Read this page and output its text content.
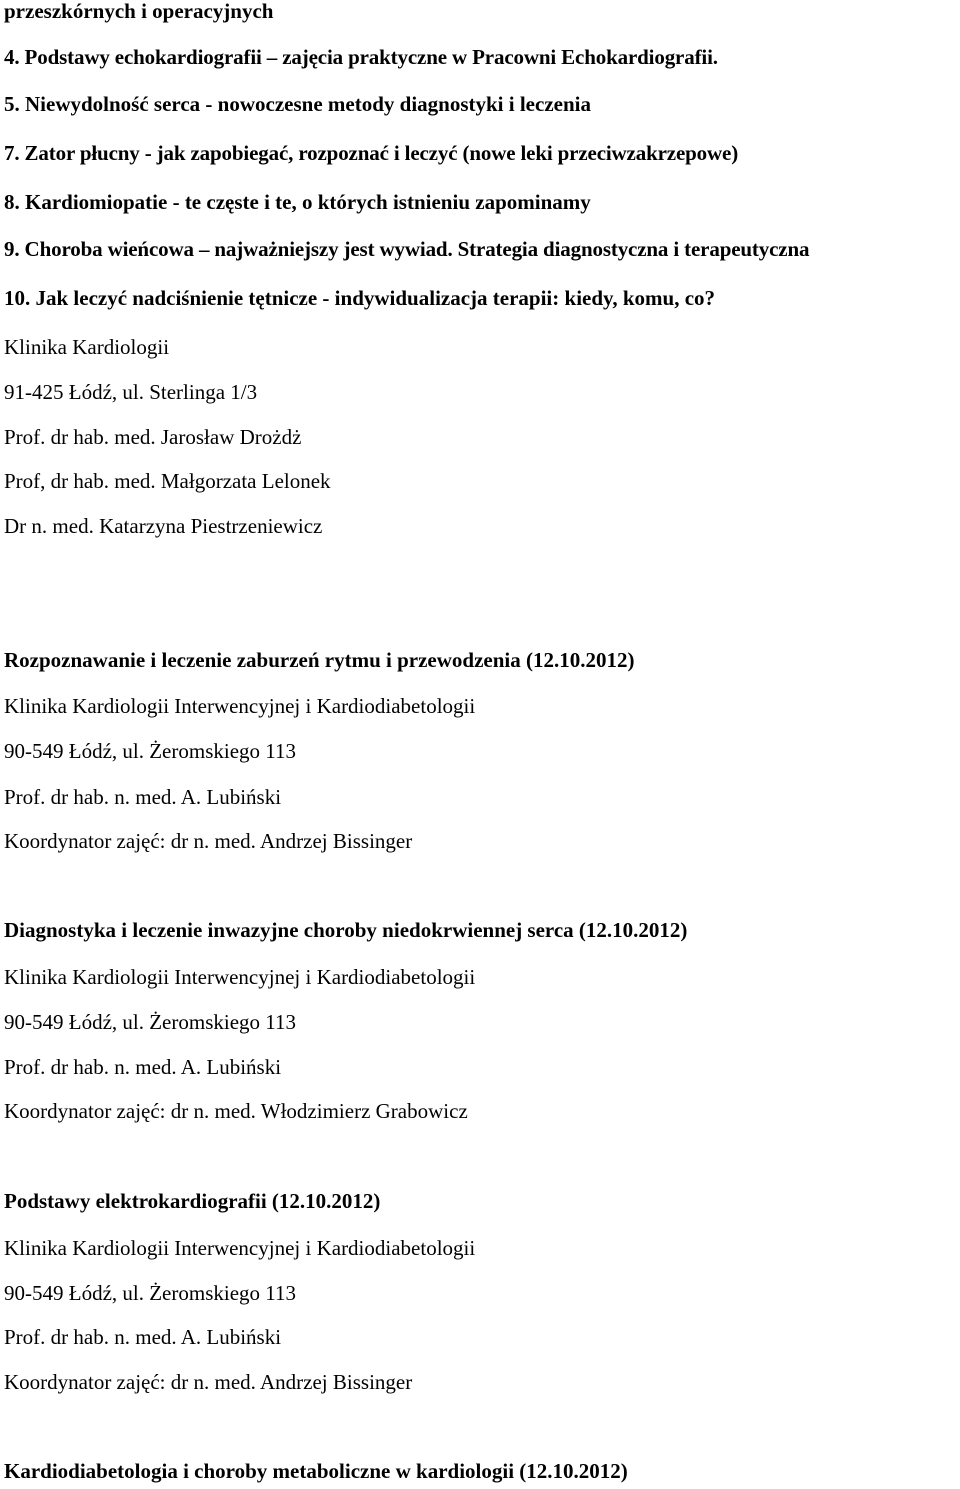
przeszkórnych i operacyjnych
4. Podstawy echokardiografii – zajęcia praktyczne w Pracowni Echokardiografii.
5. Niewydolność serca - nowoczesne metody diagnostyki i leczenia
7. Zator płucny - jak zapobiegać, rozpoznać i leczyć (nowe leki przeciwzakrzepowe)
8. Kardiomiopatie - te częste i te, o których istnieniu zapominamy
9. Choroba wieńcowa – najważniejszy jest wywiad. Strategia diagnostyczna i terapeutyczna
10. Jak leczyć nadciśnienie tętnicze - indywidualizacja terapii: kiedy, komu, co?
Klinika Kardiologii
91-425 Łódź, ul. Sterlinga 1/3
Prof. dr hab. med. Jarosław Drożdż
Prof, dr hab. med. Małgorzata Lelonek
Dr n. med. Katarzyna Piestrzeniewicz
Rozpoznawanie i leczenie zaburzeń rytmu i przewodzenia (12.10.2012)
Klinika Kardiologii Interwencyjnej i Kardiodiabetologii
90-549 Łódź, ul. Żeromskiego 113
Prof. dr hab. n. med. A. Lubiński
Koordynator zajęć: dr n. med. Andrzej Bissinger
Diagnostyka i leczenie inwazyjne choroby niedokrwiennej serca (12.10.2012)
Klinika Kardiologii Interwencyjnej i Kardiodiabetologii
90-549 Łódź, ul. Żeromskiego 113
Prof. dr hab. n. med. A. Lubiński
Koordynator zajęć: dr n. med. Włodzimierz Grabowicz
Podstawy elektrokardiografii (12.10.2012)
Klinika Kardiologii Interwencyjnej i Kardiodiabetologii
90-549 Łódź, ul. Żeromskiego 113
Prof. dr hab. n. med. A. Lubiński
Koordynator zajęć: dr n. med. Andrzej Bissinger
Kardiodiabetologia i choroby metaboliczne w kardiologii (12.10.2012)
